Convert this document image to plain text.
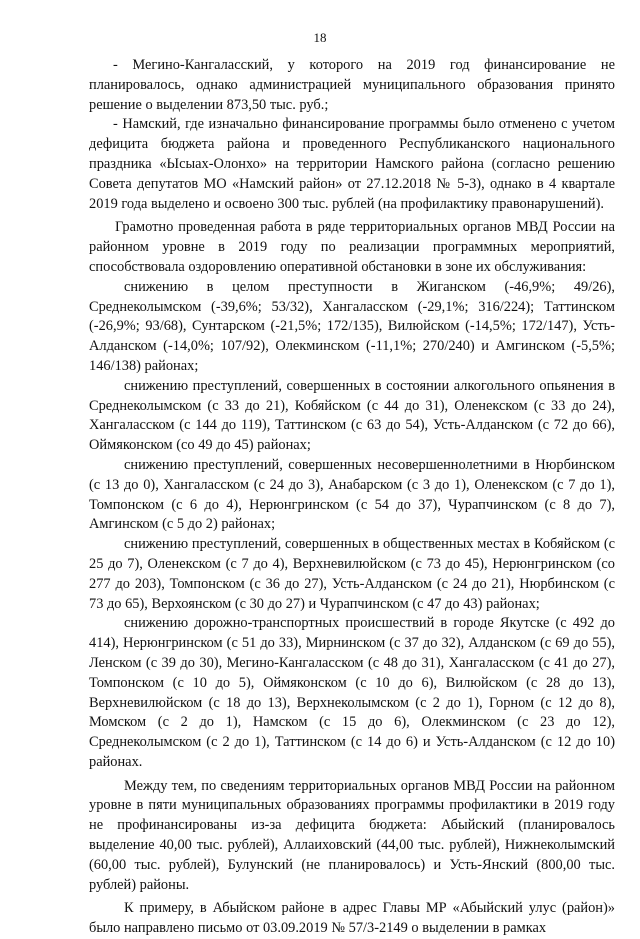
18

- Мегино-Кангаласский, у которого на 2019 год финансирование не планировалось, однако администрацией муниципального образования принято решение о выделении 873,50 тыс. руб.;

- Намский, где изначально финансирование программы было отменено с учетом дефицита бюджета района и проведенного Республиканского национального праздника «Ысыах-Олонхо» на территории Намского района (согласно решению Совета депутатов МО «Намский район» от 27.12.2018 № 5-3), однако в 4 квартале 2019 года выделено и освоено 300 тыс. рублей (на профилактику правонарушений).

Грамотно проведенная работа в ряде территориальных органов МВД России на районном уровне в 2019 году по реализации программных мероприятий, способствовала оздоровлению оперативной обстановки в зоне их обслуживания:

снижению в целом преступности в Жиганском (-46,9%; 49/26), Среднеколымском (-39,6%; 53/32), Хангаласском (-29,1%; 316/224); Таттинском (-26,9%; 93/68), Сунтарском (-21,5%; 172/135), Вилюйском (-14,5%; 172/147), Усть-Алданском (-14,0%; 107/92), Олекминском (-11,1%; 270/240) и Амгинском (-5,5%; 146/138) районах;

снижению преступлений, совершенных в состоянии алкогольного опьянения в Среднеколымском (с 33 до 21), Кобяйском (с 44 до 31), Оленекском (с 33 до 24), Хангаласском (с 144 до 119), Таттинском (с 63 до 54), Усть-Алданском (с 72 до 66), Оймяконском (со 49 до 45) районах;

снижению преступлений, совершенных несовершеннолетними в Нюрбинском (с 13 до 0), Хангаласском (с 24 до 3), Анабарском (с 3 до 1), Оленекском (с 7 до 1), Томпонском (с 6 до 4), Нерюнгринском (с 54 до 37), Чурапчинском (с 8 до 7), Амгинском (с 5 до 2) районах;

снижению преступлений, совершенных в общественных местах в Кобяйском (с 25 до 7), Оленекском (с 7 до 4), Верхневилюйском (с 73 до 45), Нерюнгринском (со 277 до 203), Томпонском (с 36 до 27), Усть-Алданском (с 24 до 21), Нюрбинском (с 73 до 65), Верхоянском (с 30 до 27) и Чурапчинском (с 47 до 43) районах;

снижению дорожно-транспортных происшествий в городе Якутске (с 492 до 414), Нерюнгринском (с 51 до 33), Мирнинском (с 37 до 32), Алданском (с 69 до 55), Ленском (с 39 до 30), Мегино-Кангаласском (с 48 до 31), Хангаласском (с 41 до 27), Томпонском (с 10 до 5), Оймяконском (с 10 до 6), Вилюйском (с 28 до 13), Верхневилюйском (с 18 до 13), Верхнеколымском (с 2 до 1), Горном (с 12 до 8), Момском (с 2 до 1), Намском (с 15 до 6), Олекминском (с 23 до 12), Среднеколымском (с 2 до 1), Таттинском (с 14 до 6) и Усть-Алданском (с 12 до 10) районах.

Между тем, по сведениям территориальных органов МВД России на районном уровне в пяти муниципальных образованиях программы профилактики в 2019 году не профинансированы из-за дефицита бюджета: Абыйский (планировалось выделение 40,00 тыс. рублей), Аллаиховский (44,00 тыс. рублей), Нижнеколымский (60,00 тыс. рублей), Булунский (не планировалось) и Усть-Янский (800,00 тыс. рублей) районы.

К примеру, в Абыйском районе в адрес Главы МР «Абыйский улус (район)» было направлено письмо от 03.09.2019 № 57/3-2149 о выделении в рамках
